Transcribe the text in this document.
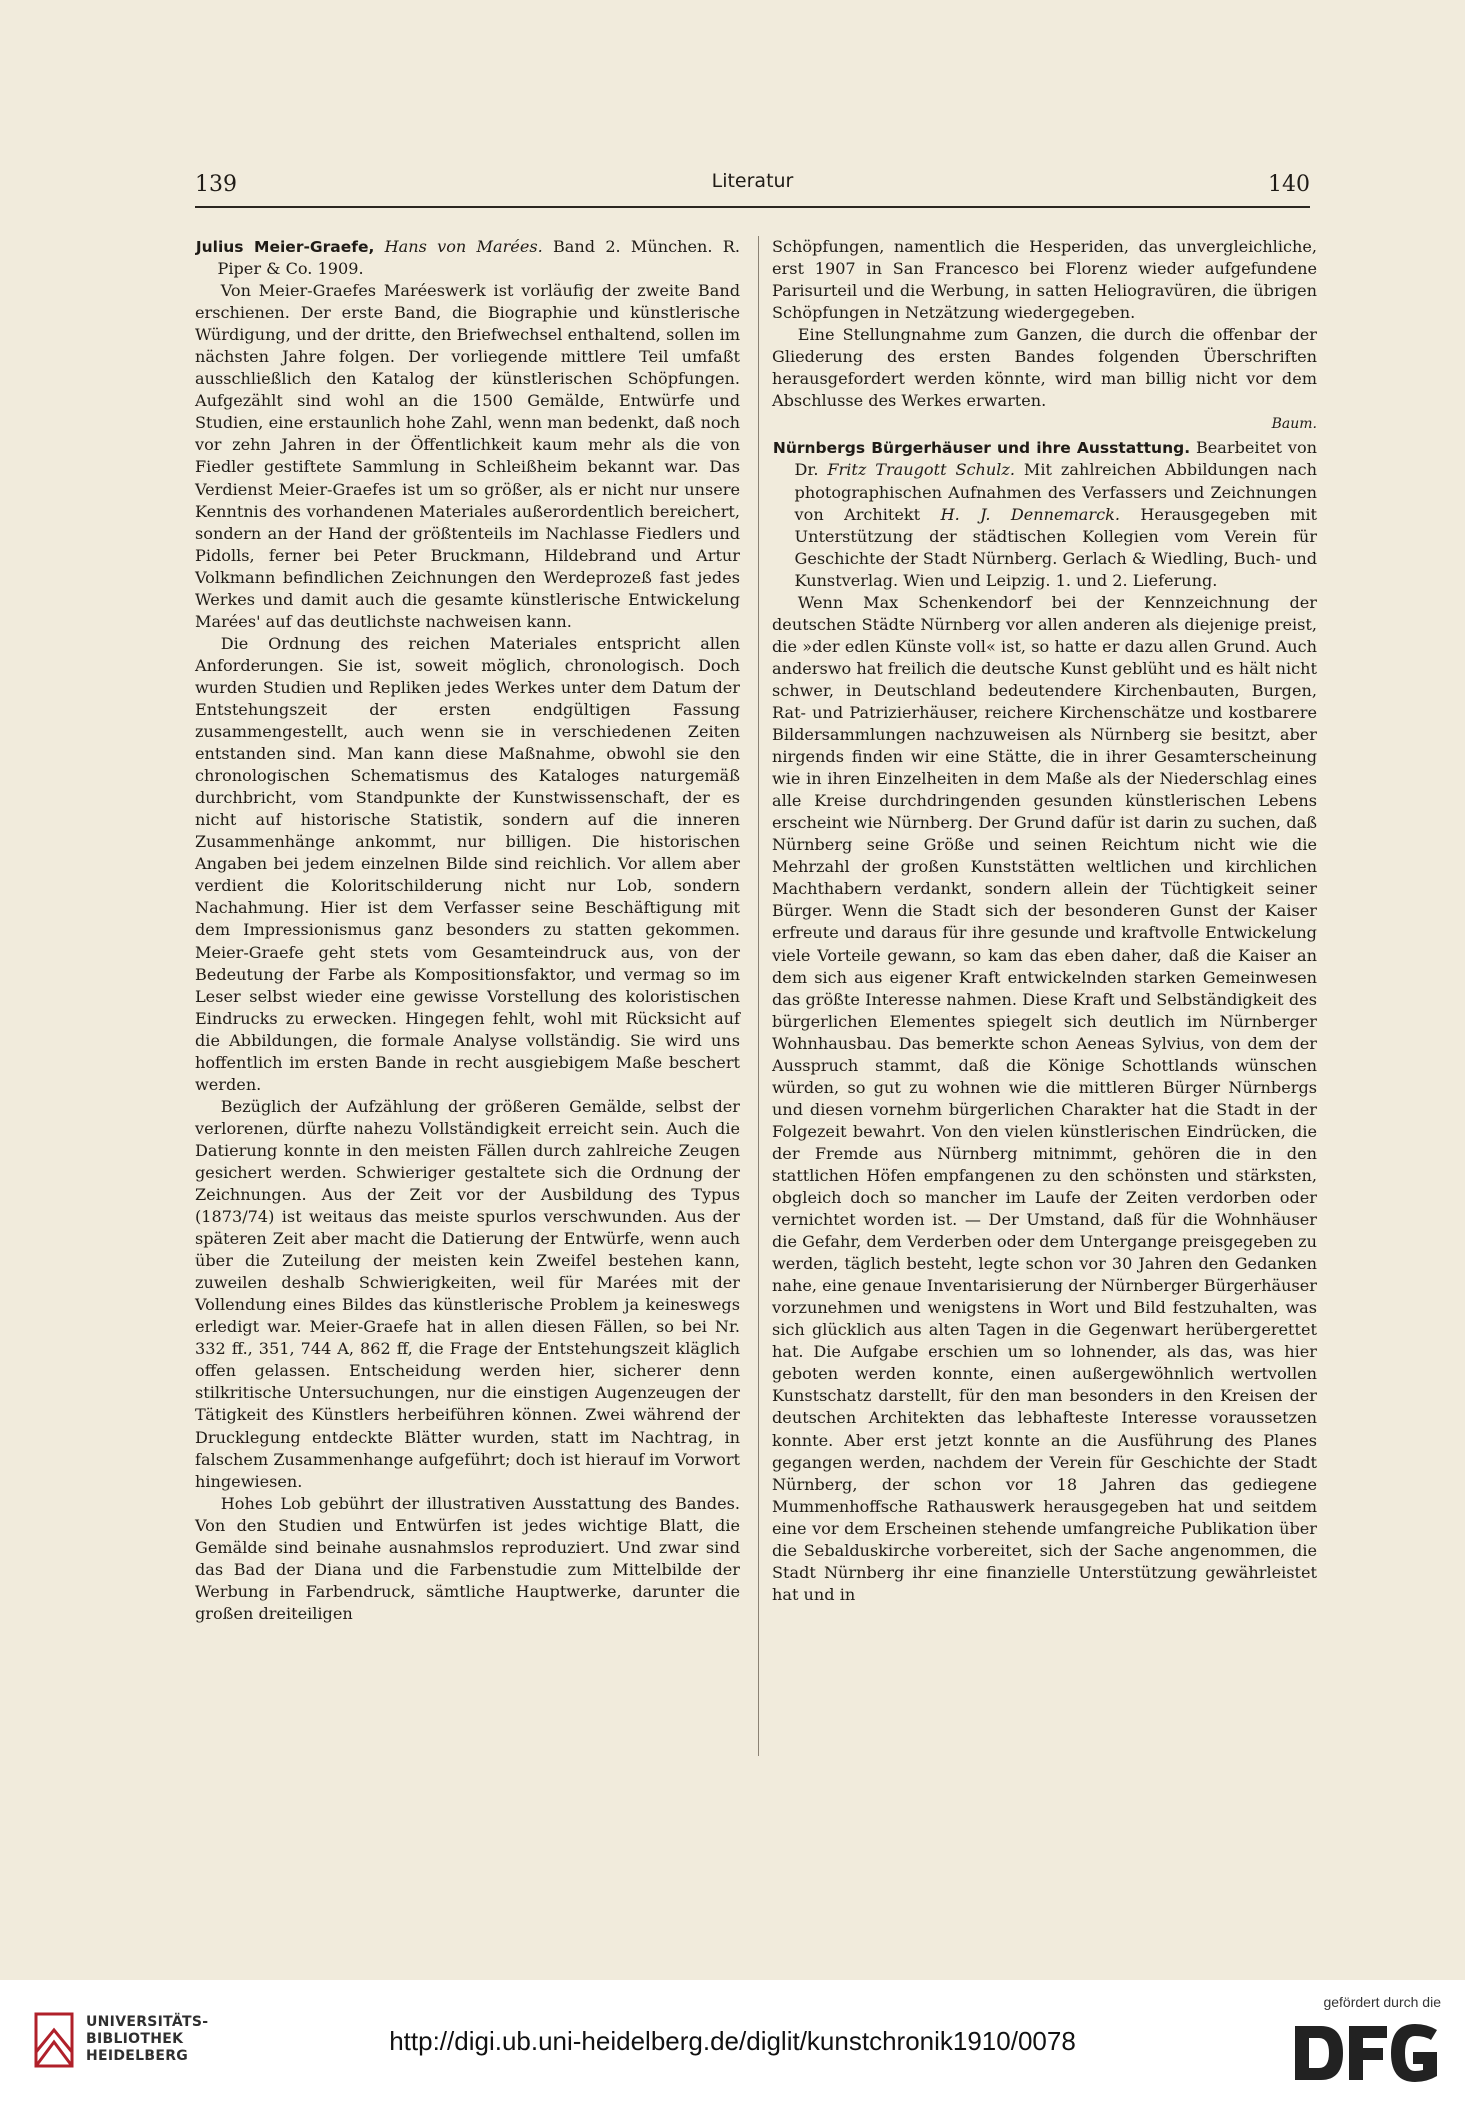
139	Literatur	140

Julius Meier-Graefe, Hans von Marées. Band 2. München. R. Piper & Co. 1909.

Von Meier-Graefes Maréeswerk ist vorläufig der zweite Band erschienen. Der erste Band, die Biographie und künstlerische Würdigung, und der dritte, den Briefwechsel enthaltend, sollen im nächsten Jahre folgen. Der vorliegende mittlere Teil umfaßt ausschließlich den Katalog der künstlerischen Schöpfungen. Aufgezählt sind wohl an die 1500 Gemälde, Entwürfe und Studien, eine erstaunlich hohe Zahl, wenn man bedenkt, daß noch vor zehn Jahren in der Öffentlichkeit kaum mehr als die von Fiedler gestiftete Sammlung in Schleißheim bekannt war. Das Verdienst Meier-Graefes ist um so größer, als er nicht nur unsere Kenntnis des vorhandenen Materiales außerordentlich bereichert, sondern an der Hand der größtenteils im Nachlasse Fiedlers und Pidolls, ferner bei Peter Bruckmann, Hildebrand und Artur Volkmann befindlichen Zeichnungen den Werdeprozeß fast jedes Werkes und damit auch die gesamte künstlerische Entwickelung Marées' auf das deutlichste nachweisen kann.

Die Ordnung des reichen Materiales entspricht allen Anforderungen. Sie ist, soweit möglich, chronologisch. Doch wurden Studien und Repliken jedes Werkes unter dem Datum der Entstehungszeit der ersten endgültigen Fassung zusammengestellt, auch wenn sie in verschiedenen Zeiten entstanden sind. Man kann diese Maßnahme, obwohl sie den chronologischen Schematismus des Kataloges naturgemäß durchbricht, vom Standpunkte der Kunstwissenschaft, der es nicht auf historische Statistik, sondern auf die inneren Zusammenhänge ankommt, nur billigen. Die historischen Angaben bei jedem einzelnen Bilde sind reichlich. Vor allem aber verdient die Koloritschilderung nicht nur Lob, sondern Nachahmung. Hier ist dem Verfasser seine Beschäftigung mit dem Impressionismus ganz besonders zu statten gekommen. Meier-Graefe geht stets vom Gesamteindruck aus, von der Bedeutung der Farbe als Kompositionsfaktor, und vermag so im Leser selbst wieder eine gewisse Vorstellung des koloristischen Eindrucks zu erwecken. Hingegen fehlt, wohl mit Rücksicht auf die Abbildungen, die formale Analyse vollständig. Sie wird uns hoffentlich im ersten Bande in recht ausgiebigem Maße beschert werden.

Bezüglich der Aufzählung der größeren Gemälde, selbst der verlorenen, dürfte nahezu Vollständigkeit erreicht sein. Auch die Datierung konnte in den meisten Fällen durch zahlreiche Zeugen gesichert werden. Schwieriger gestaltete sich die Ordnung der Zeichnungen. Aus der Zeit vor der Ausbildung des Typus (1873/74) ist weitaus das meiste spurlos verschwunden. Aus der späteren Zeit aber macht die Datierung der Entwürfe, wenn auch über die Zuteilung der meisten kein Zweifel bestehen kann, zuweilen deshalb Schwierigkeiten, weil für Marées mit der Vollendung eines Bildes das künstlerische Problem ja keineswegs erledigt war. Meier-Graefe hat in allen diesen Fällen, so bei Nr. 332 ff., 351, 744 A, 862 ff, die Frage der Entstehungszeit kläglich offen gelassen. Entscheidung werden hier, sicherer denn stilkritische Untersuchungen, nur die einstigen Augenzeugen der Tätigkeit des Künstlers herbeiführen können. Zwei während der Drucklegung entdeckte Blätter wurden, statt im Nachtrag, in falschem Zusammenhange aufgeführt; doch ist hierauf im Vorwort hingewiesen.

Hohes Lob gebührt der illustrativen Ausstattung des Bandes. Von den Studien und Entwürfen ist jedes wichtige Blatt, die Gemälde sind beinahe ausnahmslos reproduziert. Und zwar sind das Bad der Diana und die Farbenstudie zum Mittelbilde der Werbung in Farbendruck, sämtliche Hauptwerke, darunter die großen dreiteiligen

Schöpfungen, namentlich die Hesperiden, das unvergleichliche, erst 1907 in San Francesco bei Florenz wieder aufgefundene Parisurteil und die Werbung, in satten Heliogravüren, die übrigen Schöpfungen in Netzätzung wiedergegeben.

Eine Stellungnahme zum Ganzen, die durch die offenbar der Gliederung des ersten Bandes folgenden Überschriften herausgefordert werden könnte, wird man billig nicht vor dem Abschlusse des Werkes erwarten.

Baum.

Nürnbergs Bürgerhäuser und ihre Ausstattung. Bearbeitet von Dr. Fritz Traugott Schulz. Mit zahlreichen Abbildungen nach photographischen Aufnahmen des Verfassers und Zeichnungen von Architekt H. J. Dennemarck. Herausgegeben mit Unterstützung der städtischen Kollegien vom Verein für Geschichte der Stadt Nürnberg. Gerlach & Wiedling, Buch- und Kunstverlag. Wien und Leipzig. 1. und 2. Lieferung.

Wenn Max Schenkendorf bei der Kennzeichnung der deutschen Städte Nürnberg vor allen anderen als diejenige preist, die »der edlen Künste voll« ist, so hatte er dazu allen Grund. Auch anderswo hat freilich die deutsche Kunst geblüht und es hält nicht schwer, in Deutschland bedeutendere Kirchenbauten, Burgen, Rat- und Patrizierhäuser, reichere Kirchenschätze und kostbarere Bildersammlungen nachzuweisen als Nürnberg sie besitzt, aber nirgends finden wir eine Stätte, die in ihrer Gesamterscheinung wie in ihren Einzelheiten in dem Maße als der Niederschlag eines alle Kreise durchdringenden gesunden künstlerischen Lebens erscheint wie Nürnberg. Der Grund dafür ist darin zu suchen, daß Nürnberg seine Größe und seinen Reichtum nicht wie die Mehrzahl der großen Kunststätten weltlichen und kirchlichen Machthabern verdankt, sondern allein der Tüchtigkeit seiner Bürger. Wenn die Stadt sich der besonderen Gunst der Kaiser erfreute und daraus für ihre gesunde und kraftvolle Entwickelung viele Vorteile gewann, so kam das eben daher, daß die Kaiser an dem sich aus eigener Kraft entwickelnden starken Gemeinwesen das größte Interesse nahmen. Diese Kraft und Selbständigkeit des bürgerlichen Elementes spiegelt sich deutlich im Nürnberger Wohnhausbau. Das bemerkte schon Aeneas Sylvius, von dem der Ausspruch stammt, daß die Könige Schottlands wünschen würden, so gut zu wohnen wie die mittleren Bürger Nürnbergs und diesen vornehm bürgerlichen Charakter hat die Stadt in der Folgezeit bewahrt. Von den vielen künstlerischen Eindrücken, die der Fremde aus Nürnberg mitnimmt, gehören die in den stattlichen Höfen empfangenen zu den schönsten und stärksten, obgleich doch so mancher im Laufe der Zeiten verdorben oder vernichtet worden ist. — Der Umstand, daß für die Wohnhäuser die Gefahr, dem Verderben oder dem Untergange preisgegeben zu werden, täglich besteht, legte schon vor 30 Jahren den Gedanken nahe, eine genaue Inventarisierung der Nürnberger Bürgerhäuser vorzunehmen und wenigstens in Wort und Bild festzuhalten, was sich glücklich aus alten Tagen in die Gegenwart herübergerettet hat. Die Aufgabe erschien um so lohnender, als das, was hier geboten werden konnte, einen außergewöhnlich wertvollen Kunstschatz darstellt, für den man besonders in den Kreisen der deutschen Architekten das lebhafteste Interesse voraussetzen konnte. Aber erst jetzt konnte an die Ausführung des Planes gegangen werden, nachdem der Verein für Geschichte der Stadt Nürnberg, der schon vor 18 Jahren das gediegene Mummenhoffsche Rathauswerk herausgegeben hat und seitdem eine vor dem Erscheinen stehende umfangreiche Publikation über die Sebalduskirche vorbereitet, sich der Sache angenommen, die Stadt Nürnberg ihr eine finanzielle Unterstützung gewährleistet hat und in

UNIVERSITÄTS-
BIBLIOTHEK
HEIDELBERG	http://digi.ub.uni-heidelberg.de/diglit/kunstchronik1910/0078
gefördert durch die
